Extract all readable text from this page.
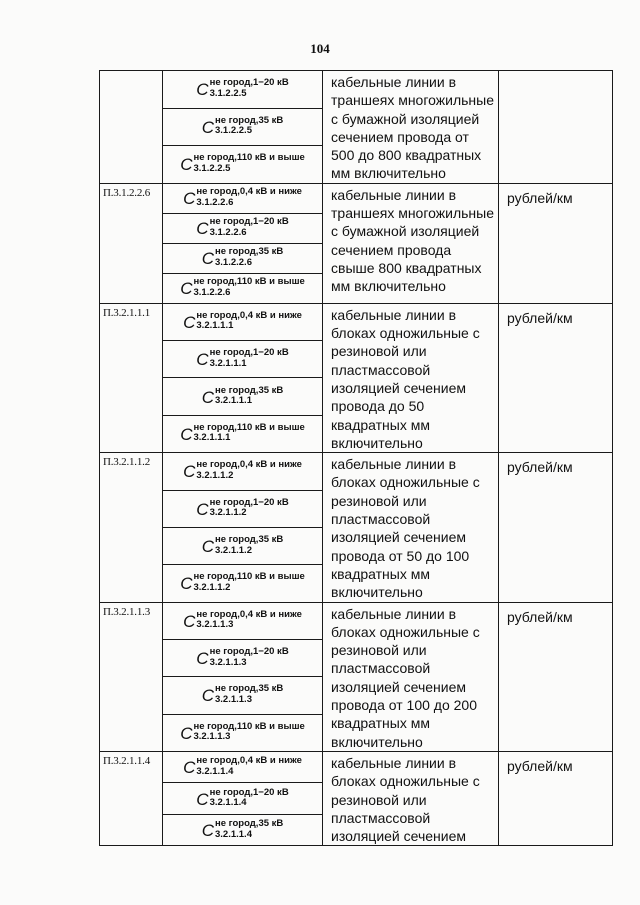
104

	C не город,1−20 кВ
3.1.2.2.5	кабельные линии в траншеях многожильные с бумажной изоляцией сечением провода от 500 до 800 квадратных мм включительно	

	C не город,35 кВ
3.1.2.2.5		

	C не город,110 кВ и выше
3.1.2.2.5		

П.3.1.2.2.6	C не город,0,4 кВ и ниже
3.1.2.2.6	кабельные линии в траншеях многожильные с бумажной изоляцией сечением провода свыше 800 квадратных мм включительно	рублей/км

	C не город,1−20 кВ
3.1.2.2.6		

	C не город,35 кВ
3.1.2.2.6		

	C не город,110 кВ и выше
3.1.2.2.6		

П.3.2.1.1.1	C не город,0,4 кВ и ниже
3.2.1.1.1	кабельные линии в блоках одножильные с резиновой или пластмассовой изоляцией сечением провода до 50 квадратных мм включительно	рублей/км

	C не город,1−20 кВ
3.2.1.1.1		

	C не город,35 кВ
3.2.1.1.1		

	C не город,110 кВ и выше
3.2.1.1.1		

П.3.2.1.1.2	C не город,0,4 кВ и ниже
3.2.1.1.2	кабельные линии в блоках одножильные с резиновой или пластмассовой изоляцией сечением провода от 50 до 100 квадратных мм включительно	рублей/км

	C не город,1−20 кВ
3.2.1.1.2		

	C не город,35 кВ
3.2.1.1.2		

	C не город,110 кВ и выше
3.2.1.1.2		

П.3.2.1.1.3	C не город,0,4 кВ и ниже
3.2.1.1.3	кабельные линии в блоках одножильные с резиновой или пластмассовой изоляцией сечением провода от 100 до 200 квадратных мм включительно	рублей/км

	C не город,1−20 кВ
3.2.1.1.3		

	C не город,35 кВ
3.2.1.1.3		

	C не город,110 кВ и выше
3.2.1.1.3		

П.3.2.1.1.4	C не город,0,4 кВ и ниже
3.2.1.1.4	кабельные линии в блоках одножильные с резиновой или пластмассовой изоляцией сечением	рублей/км

	C не город,1−20 кВ
3.2.1.1.4		

	C не город,35 кВ
3.2.1.1.4		
